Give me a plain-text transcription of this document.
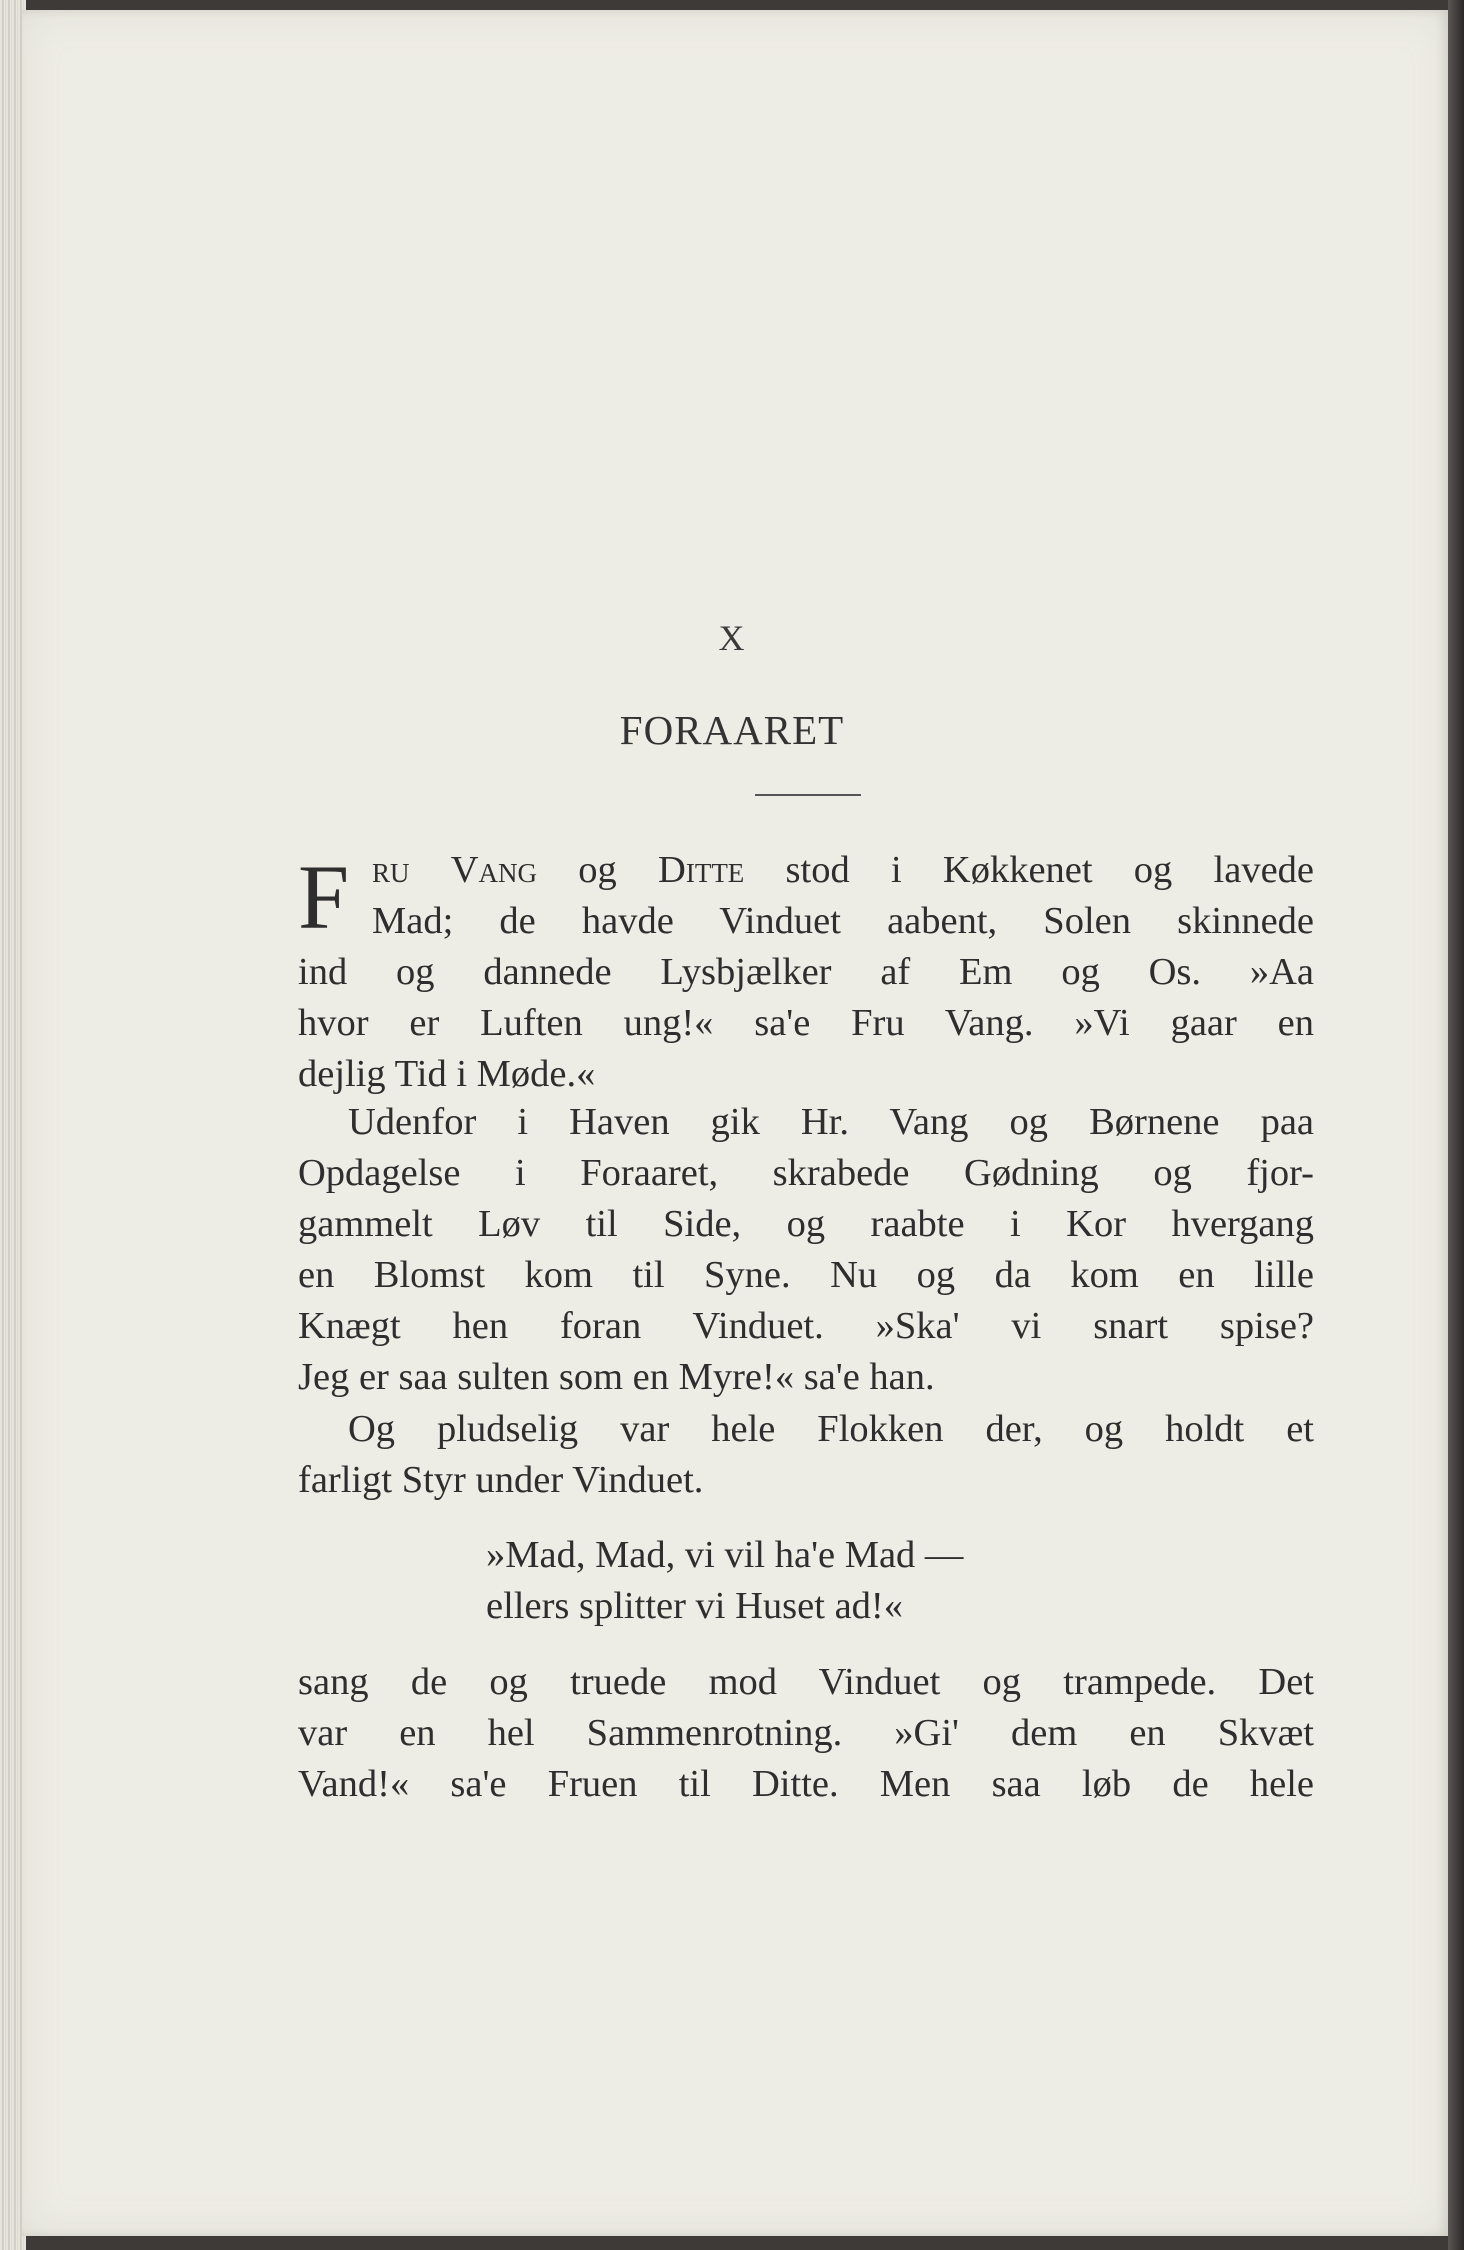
X
FORAARET
F ru Vang og Ditte stod i Køkkenet og lavede
Mad; de havde Vinduet aabent, Solen skinnede
ind og dannede Lysbjælker af Em og Os. »Aa
hvor er Luften ung!« sa'e Fru Vang. »Vi gaar en
dejlig Tid i Møde.«
Udenfor i Haven gik Hr. Vang og Børnene paa
Opdagelse i Foraaret, skrabede Gødning og fjor-
gammelt Løv til Side, og raabte i Kor hvergang
en Blomst kom til Syne. Nu og da kom en lille
Knægt hen foran Vinduet. »Ska' vi snart spise?
Jeg er saa sulten som en Myre!« sa'e han.
Og pludselig var hele Flokken der, og holdt et
farligt Styr under Vinduet.
»Mad, Mad, vi vil ha'e Mad —
ellers splitter vi Huset ad!«
sang de og truede mod Vinduet og trampede. Det
var en hel Sammenrotning. »Gi' dem en Skvæt
Vand!« sa'e Fruen til Ditte. Men saa løb de hele
